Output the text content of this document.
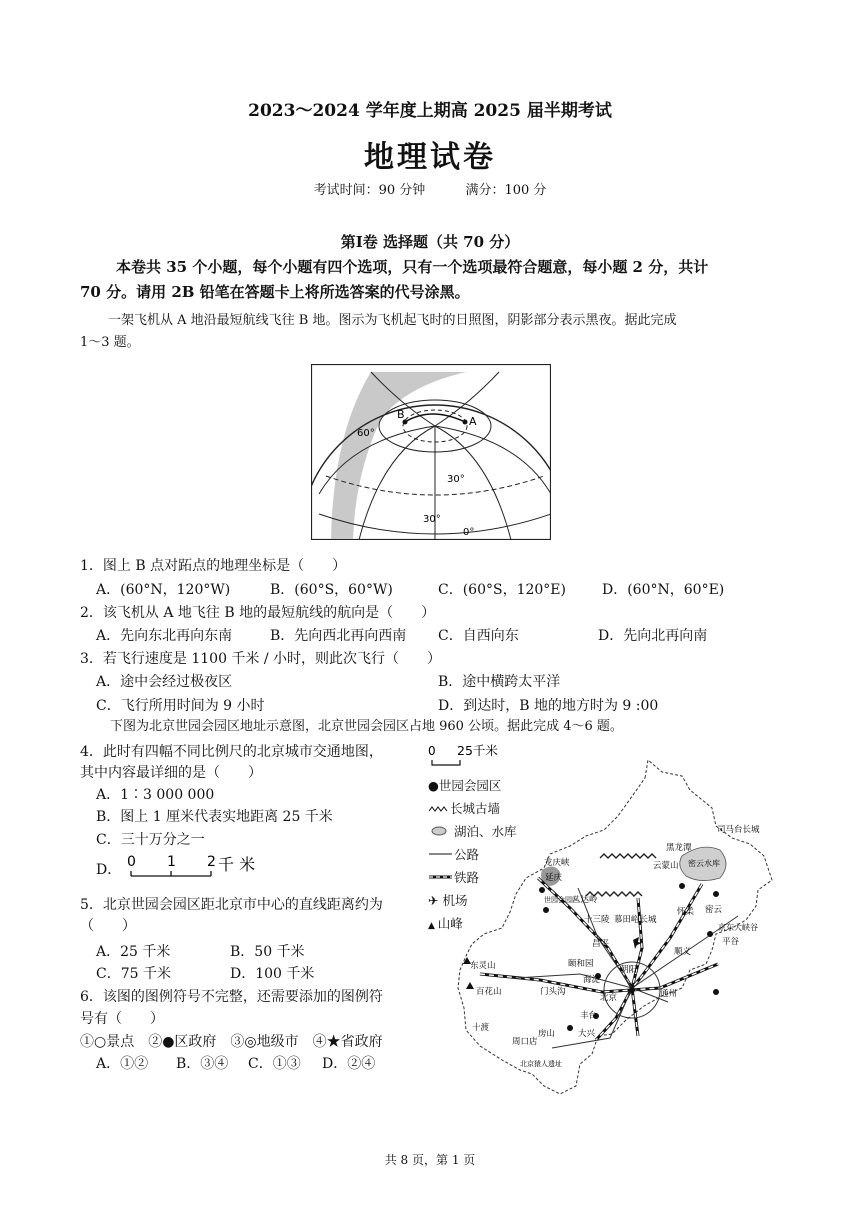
2023～2024 学年度上期高 2025 届半期考试
地理试卷
考试时间：90 分钟	满分：100 分
第Ⅰ卷 选择题（共 70 分）
本卷共 35 个小题，每个小题有四个选项，只有一个选项最符合题意，每小题 2 分，共计
70 分。请用 2B 铅笔在答题卡上将所选答案的代号涂黑。
一架飞机从 A 地沿最短航线飞往 B 地。图示为飞机起飞时的日照图，阴影部分表示黑夜。据此完成
1～3 题。
B
A
60°
30°
30°
0°
1．图上 B 点对跖点的地理坐标是（　　）
A．(60°N，120°W)	B．(60°S，60°W)	C．(60°S，120°E)	D．(60°N，60°E)
2．该飞机从 A 地飞往 B 地的最短航线的航向是（　　）
A．先向东北再向东南	B．先向西北再向西南 C．自西向东	D．先向北再向南
3．若飞行速度是 1100 千米 / 小时，则此次飞行（　　）
A．途中会经过极夜区	B．途中横跨太平洋
C．飞行所用时间为 9 小时	D．到达时，B 地的地方时为 9 :00
下图为北京世园会园区地址示意图，北京世园会园区占地 960 公顷。据此完成 4～6 题。
4．此时有四幅不同比例尺的北京城市交通地图，
其中内容最详细的是（　　）
A．1∶3 000 000
B．图上 1 厘米代表实地距离 25 千米
C．三十万分之一
D． 0 1 2 千 米
5．北京世园会园区距北京市中心的直线距离约为
（　　）
A．25 千米	B．50 千米
C．75 千米	D．100 千米
6．该图的图例符号不完整，还需要添加的图例符
号有（　　）
①○景点　②●区政府　③◎地级市　④★省政府
A．①② B．③④ C．①③ D．②④
0 25千米
司马台长城
龙庆峡
黑龙潭
延庆
云蒙山 密云水库
八达岭
慕田峪长城
怀柔 密云
十三陵
昌平
京东大峡谷
平谷
顺义
东灵山	颐和园
朝阳
海淀
门头沟
北京	通州
百花山
丰台
十渡
周口店
房山	大兴
世园会园区
北京猿人遗址
●世园会园区
长城古墙
湖泊、水库
公路
铁路
✈ 机场
▲ 山峰
共 8 页，第 1 页
